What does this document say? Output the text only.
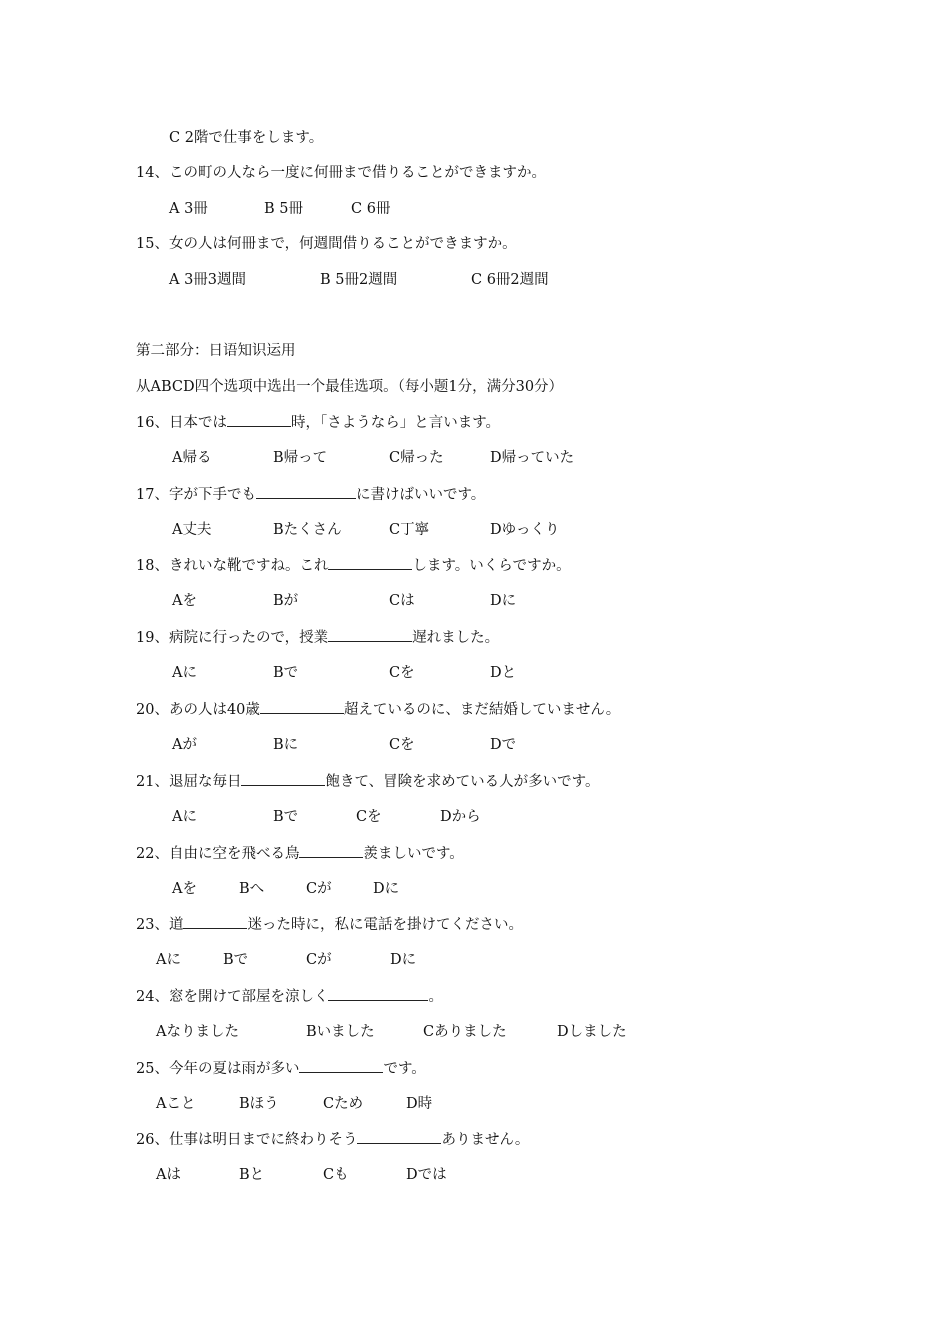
C 2階で仕事をします。
14、この町の人なら一度に何冊まで借りることができますか。
A 3冊	B 5冊	C 6冊
15、女の人は何冊まで，何週間借りることができますか。
A 3冊3週間	B 5冊2週間	C 6冊2週間
第二部分：日语知识运用
从ABCD四个选项中选出一个最佳选项。（每小题1分，满分30分）
16、日本では	時，「さようなら」と言います。
A帰る	B帰って	C帰った	D帰っていた
17、字が下手でも	に書けばいいです。
A丈夫	Bたくさん	C丁寧	Dゆっくり
18、きれいな靴ですね。これ	します。いくらですか。
Aを	Bが	Cは	Dに
19、病院に行ったので，授業	遅れました。
Aに	Bで	Cを	Dと
20、あの人は40歳	超えているのに、まだ結婚していません。
Aが	Bに	Cを	Dで
21、退屈な毎日	飽きて、冒険を求めている人が多いです。
Aに	Bで	Cを	Dから
22、自由に空を飛べる鳥	羨ましいです。
Aを	Bへ	Cが	Dに
23、道	迷った時に，私に電話を掛けてください。
Aに	Bで	Cが	Dに
24、窓を開けて部屋を涼しく	。
Aなりました	Bいました	Cありました	Dしました
25、今年の夏は雨が多い	です。
Aこと	Bほう	Cため	D時
26、仕事は明日までに終わりそう	ありません。
Aは	Bと	Cも	Dでは
